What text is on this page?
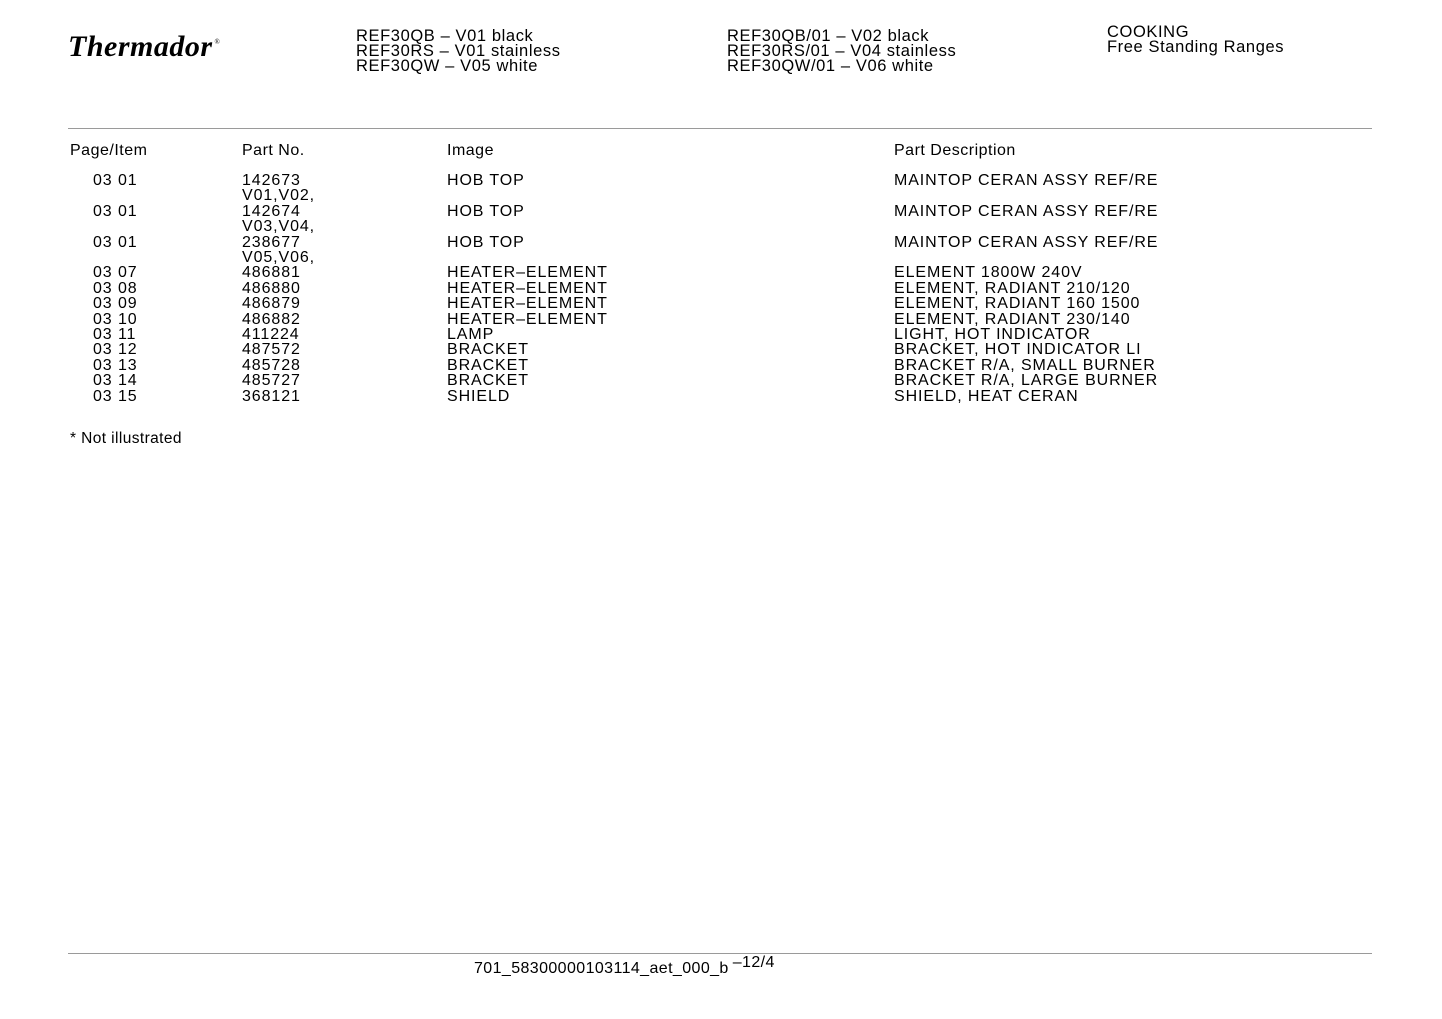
Thermador ®	REF30QB – V01 black
REF30RS – V01 stainless
REF30QW – V05 white
REF30QB/01 – V02 black
REF30RS/01 – V04 stainless
REF30QW/01 – V06 white
COOKING
Free Standing Ranges
Page/Item	Part No.	Image	Part Description
03 01	142673	HOB TOP	MAINTOP CERAN ASSY REF/RE
V01,V02,
03 01	142674	HOB TOP	MAINTOP CERAN ASSY REF/RE
V03,V04,
03 01	238677	HOB TOP	MAINTOP CERAN ASSY REF/RE
V05,V06,
03 07	486881	HEATER–ELEMENT	ELEMENT 1800W 240V
03 08	486880	HEATER–ELEMENT	ELEMENT, RADIANT 210/120
03 09	486879	HEATER–ELEMENT	ELEMENT, RADIANT 160 1500
03 10	486882	HEATER–ELEMENT	ELEMENT, RADIANT 230/140
03 11	411224	LAMP	LIGHT, HOT INDICATOR
03 12	487572	BRACKET	BRACKET, HOT INDICATOR LI
03 13	485728	BRACKET	BRACKET R/A, SMALL BURNER
03 14	485727	BRACKET	BRACKET R/A, LARGE BURNER
03 15	368121	SHIELD	SHIELD, HEAT CERAN
* Not illustrated
701_58300000103114_aet_000_b –12/4
